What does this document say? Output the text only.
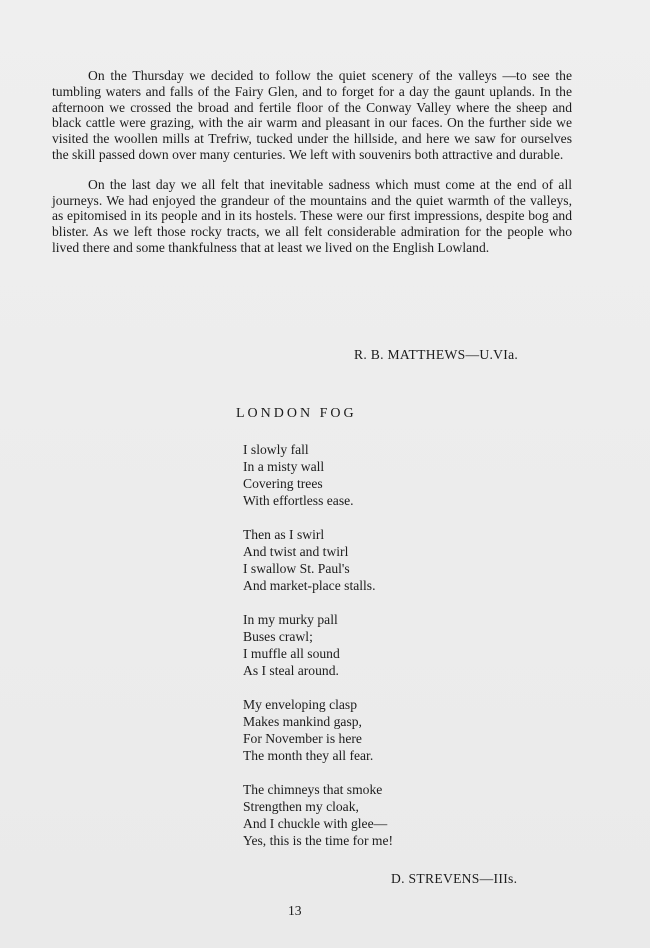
On the Thursday we decided to follow the quiet scenery of the valleys —to see the tumbling waters and falls of the Fairy Glen, and to forget for a day the gaunt uplands. In the afternoon we crossed the broad and fertile floor of the Conway Valley where the sheep and black cattle were grazing, with the air warm and pleasant in our faces. On the further side we visited the woollen mills at Trefriw, tucked under the hillside, and here we saw for ourselves the skill passed down over many centuries. We left with souvenirs both attractive and durable.

On the last day we all felt that inevitable sadness which must come at the end of all journeys. We had enjoyed the grandeur of the mountains and the quiet warmth of the valleys, as epitomised in its people and in its hostels. These were our first impressions, despite bog and blister. As we left those rocky tracts, we all felt considerable admiration for the people who lived there and some thankfulness that at least we lived on the English Lowland.

R. B. MATTHEWS—U.VIa.
LONDON FOG
I slowly fall
In a misty wall
Covering trees
With effortless ease.
Then as I swirl
And twist and twirl
I swallow St. Paul's
And market-place stalls.
In my murky pall
Buses crawl;
I muffle all sound
As I steal around.
My enveloping clasp
Makes mankind gasp,
For November is here
The month they all fear.
The chimneys that smoke
Strengthen my cloak,
And I chuckle with glee—
Yes, this is the time for me!
D. STREVENS—IIIs.
13
